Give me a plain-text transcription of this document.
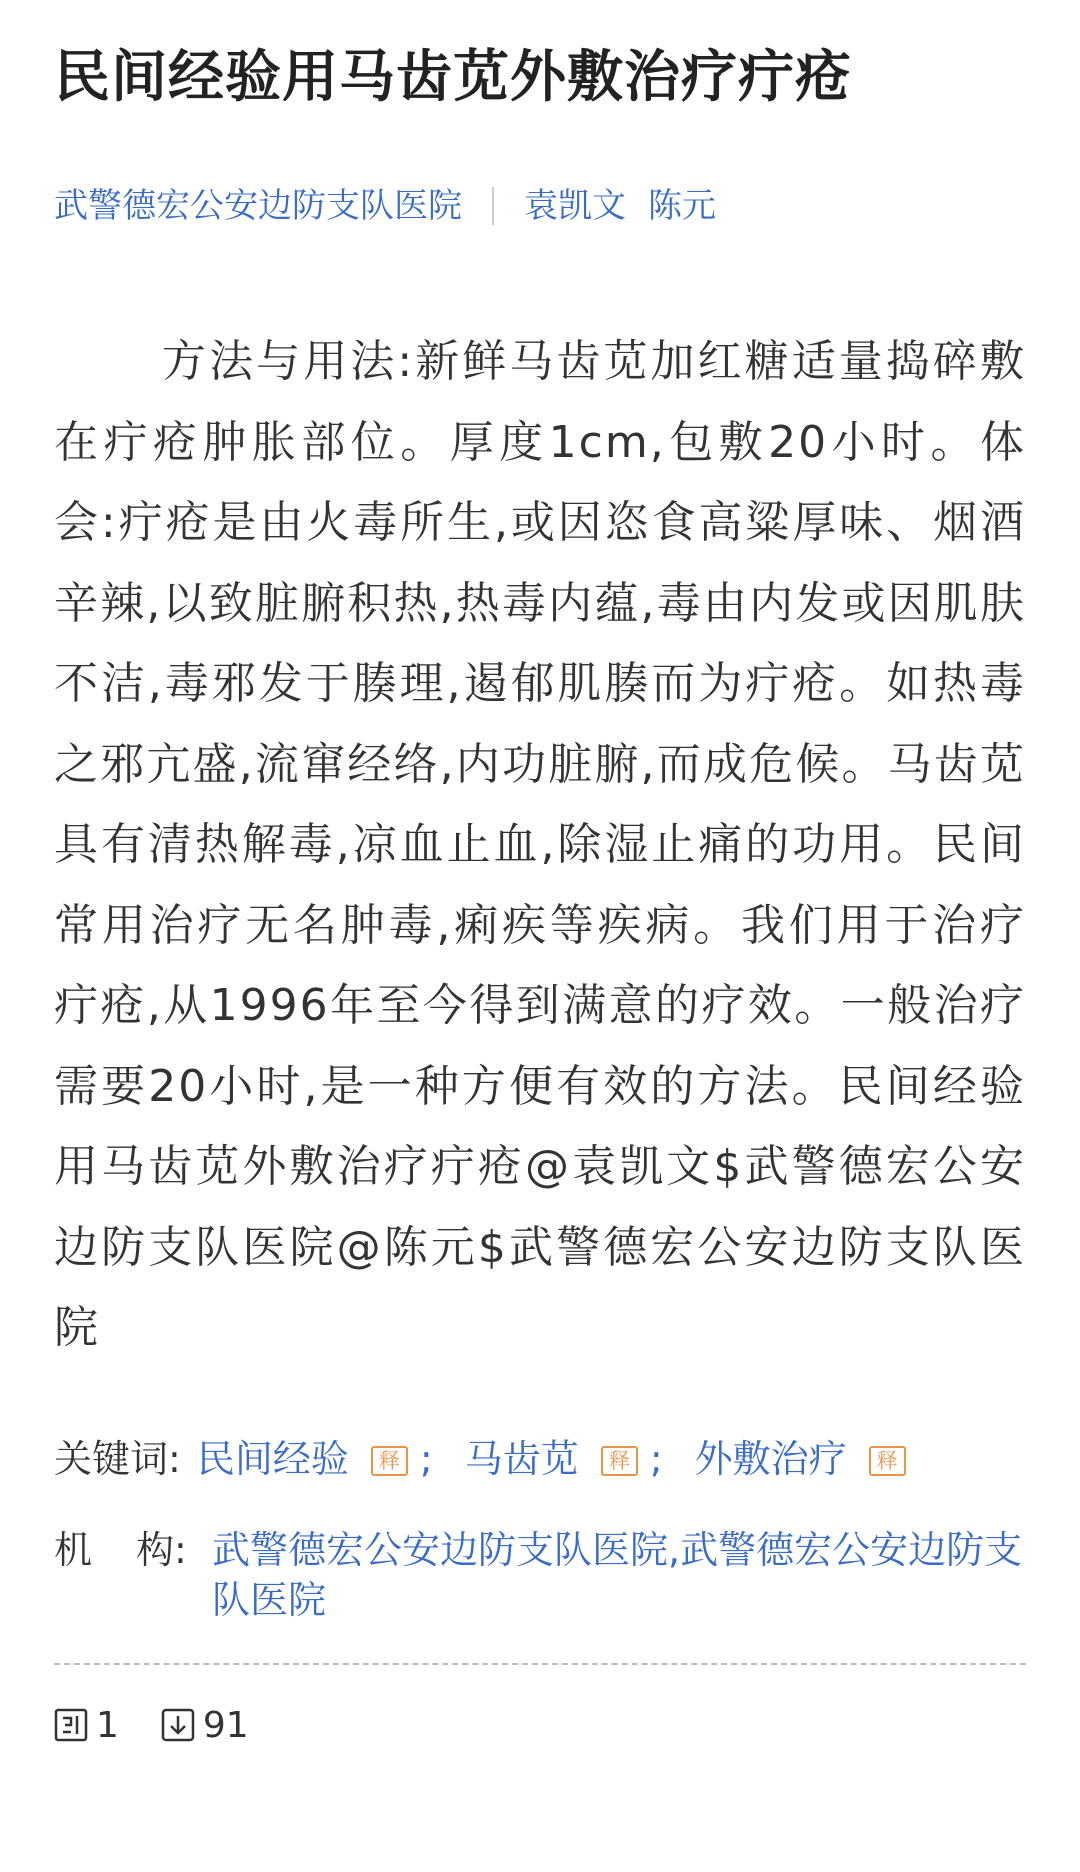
民间经验用马齿苋外敷治疗疔疮
武警德宏公安边防支队医院 袁凯文 陈元

方法与用法:新鲜马齿苋加红糖适量捣碎敷在疔疮肿胀部位。厚度1cm,包敷20小时。体会:疔疮是由火毒所生,或因恣食高粱厚味、烟酒辛辣,以致脏腑积热,热毒内蕴,毒由内发或因肌肤不洁,毒邪发于腠理,遏郁肌腠而为疔疮。如热毒之邪亢盛,流窜经络,内功脏腑,而成危候。马齿苋具有清热解毒,凉血止血,除湿止痛的功用。民间常用治疗无名肿毒,痢疾等疾病。我们用于治疗疔疮,从1996年至今得到满意的疗效。一般治疗需要20小时,是一种方便有效的方法。民间经验用马齿苋外敷治疗疔疮@袁凯文$武警德宏公安边防支队医院@陈元$武警德宏公安边防支队医院

关键词: 民间经验 释 ; 马齿苋 释 ; 外敷治疗 释
机 构: 武警德宏公安边防支队医院,武警德宏公安边防支队医院
1 91
